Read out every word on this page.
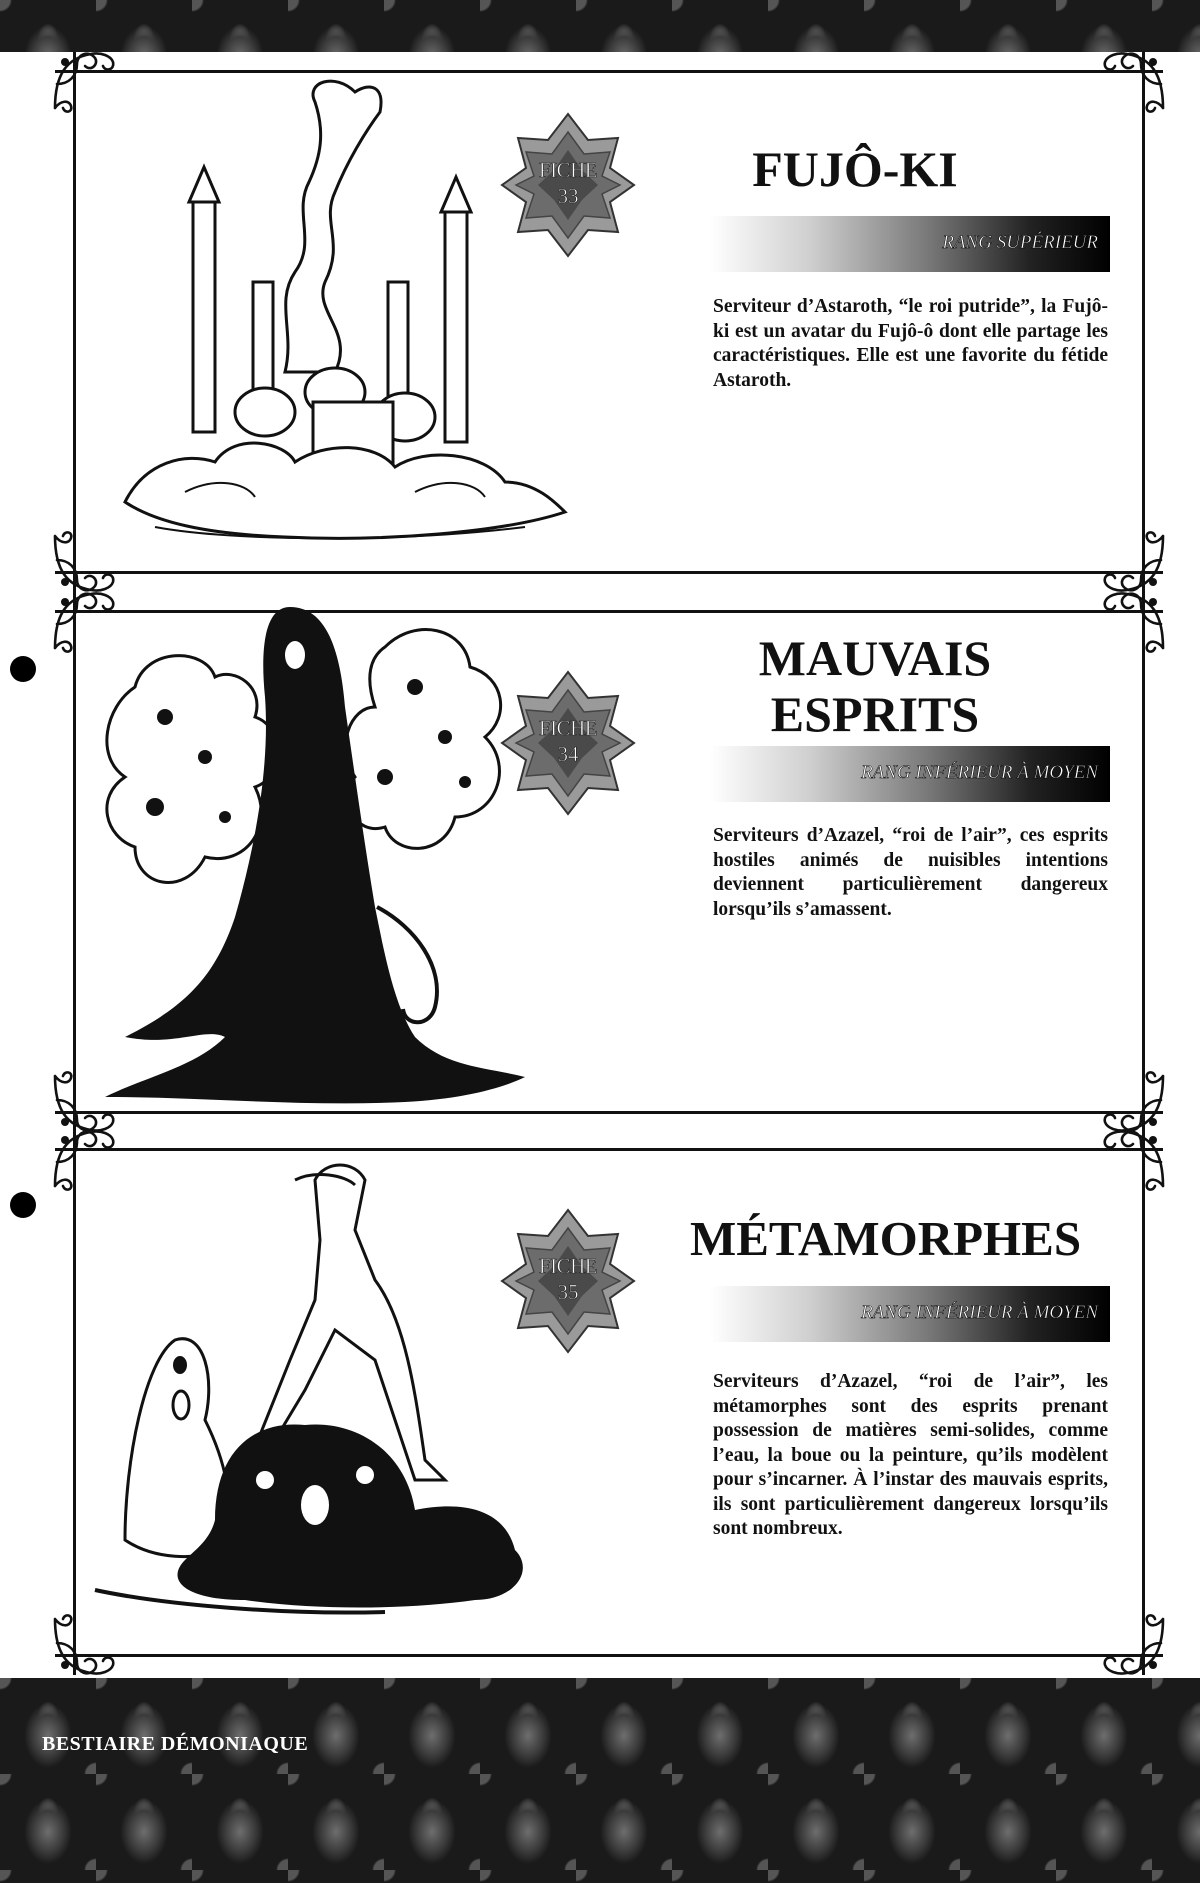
FICHE
33	FUJÔ-KI
RANG SUPÉRIEUR
Serviteur d’Astaroth, “le roi putride”, la Fujô-ki est un avatar du Fujô-ô dont elle partage les caractéristiques. Elle est une favorite du fétide Astaroth.
FICHE
34
MAUVAIS
ESPRITS
RANG INFÉRIEUR À MOYEN
Serviteurs d’Azazel, “roi de l’air”, ces esprits hostiles animés de nuisibles intentions deviennent particulièrement dangereux lorsqu’ils s’amassent.
FICHE
35
MÉTAMORPHES
RANG INFÉRIEUR À MOYEN
Serviteurs d’Azazel, “roi de l’air”, les métamorphes sont des esprits prenant possession de matières semi-solides, comme l’eau, la boue ou la peinture, qu’ils modèlent pour s’incarner. À l’instar des mauvais esprits, ils sont particulièrement dangereux lorsqu’ils sont nombreux.
BESTIAIRE DÉMONIAQUE
